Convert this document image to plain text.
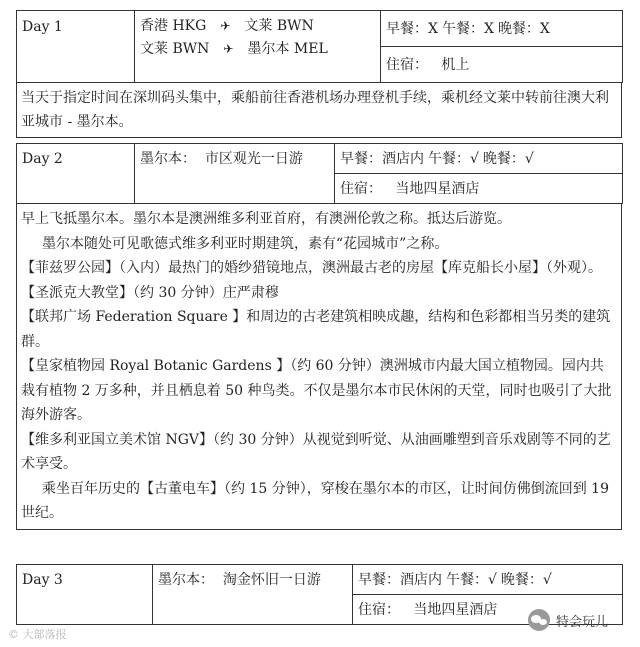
Day 1	香港 HKG ✈ 文莱 BWN
文莱 BWN ✈ 墨尔本 MEL
	早餐：X 午餐：X 晚餐：X
住宿：   机上

当天于指定时间在深圳码头集中，乘船前往香港机场办理登机手续，乘机经文莱中转前往澳大利亚城市 - 墨尔本。

Day 2	墨尔本：  市区观光一日游	早餐：酒店内 午餐：√ 晚餐：√
住宿：   当地四星酒店

早上飞抵墨尔本。墨尔本是澳洲维多利亚首府，有澳洲伦敦之称。抵达后游览。

墨尔本随处可见歌德式维多利亚时期建筑，素有“花园城市”之称。

【菲兹罗公园】（入内）最热门的婚纱猎镜地点，澳洲最古老的房屋【库克船长小屋】（外观）。

【圣派克大教堂】（约 30 分钟）庄严肃穆

【联邦广场 Federation Square 】和周边的古老建筑相映成趣，结构和色彩都相当另类的建筑群。

【皇家植物园 Royal Botanic Gardens 】（约 60 分钟）澳洲城市内最大国立植物园。园内共栽有植物 2 万多种，并且栖息着 50 种鸟类。不仅是墨尔本市民休闲的天堂，同时也吸引了大批海外游客。

【维多利亚国立美术馆 NGV】（约 30 分钟）从视觉到听觉、从油画雕塑到音乐戏剧等不同的艺术享受。

乘坐百年历史的【古董电车】（约 15 分钟），穿梭在墨尔本的市区，让时间仿佛倒流回到 19 世纪。

Day 3	墨尔本：  淘金怀旧一日游	早餐：酒店内 午餐：√ 晚餐：√
住宿：   当地四星酒店
© 大部落报
特会玩儿
